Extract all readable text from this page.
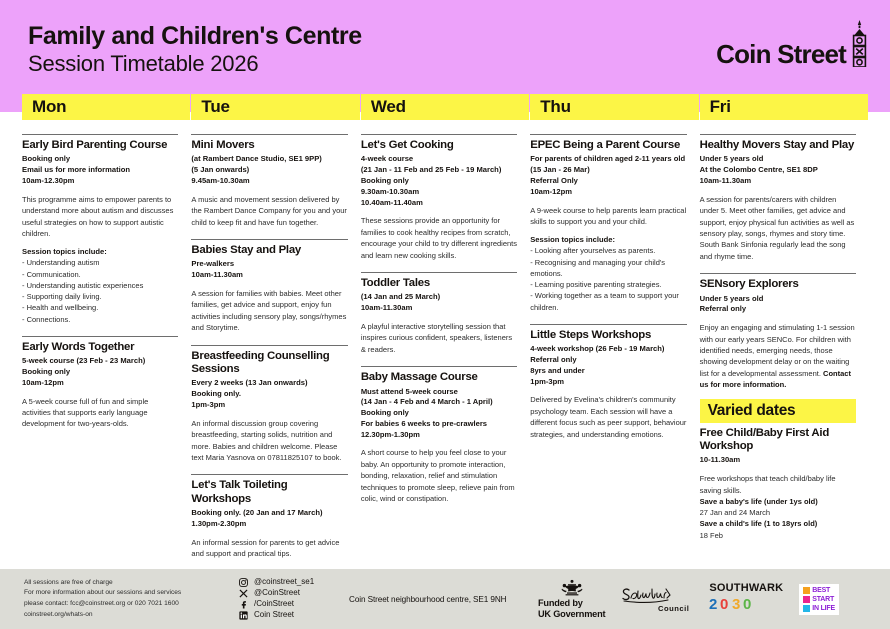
Family and Children's Centre
Session Timetable 2026	Coin Street
Mon
Early Bird Parenting Course
Booking only
Email us for more information
10am-12.30pm
This programme aims to empower parents to understand more about autism and discusses useful strategies on how to support autistic children.
Session topics include:
- Understanding autism
- Communication.
- Understanding autistic experiences
- Supporting daily living.
- Health and wellbeing.
- Connections.
Early Words Together
5-week course (23 Feb - 23 March)
Booking only
10am-12pm
A 5-week course full of fun and simple activities that supports early language development for two-years-olds.
Tue
Mini Movers
(at Rambert Dance Studio, SE1 9PP)
(5 Jan onwards)
9.45am-10.30am
A music and movement session delivered by the Rambert Dance Company for you and your child to keep fit and have fun together.
Babies Stay and Play
Pre-walkers
10am-11.30am
A session for families with babies. Meet other families, get advice and support, enjoy fun activities including sensory play, songs/rhymes and Storytime.
Breastfeeding Counselling Sessions
Every 2 weeks (13 Jan onwards)
Booking only.
1pm-3pm
An informal discussion group covering breastfeeding, starting solids, nutrition and more. Babies and children welcome. Please text Maria Yasnova on 07811825107 to book.
Let's Talk Toileting Workshops
Booking only. (20 Jan and 17 March)
1.30pm-2.30pm
An informal session for parents to get advice and support and practical tips.
Wed
Let's Get Cooking
4-week course
(21 Jan - 11 Feb and 25 Feb - 19 March)
Booking only
9.30am-10.30am
10.40am-11.40am
These sessions provide an opportunity for families to cook healthy recipes from scratch, encourage your child to try different ingredients and learn new cooking skills.
Toddler Tales
(14 Jan and 25 March)
10am-11.30am
A playful interactive storytelling session that inspires curious confident, speakers, listeners & readers.
Baby Massage Course
Must attend 5-week course
(14 Jan - 4 Feb and 4 March - 1 April)
Booking only
For babies 6 weeks to pre-crawlers
12.30pm-1.30pm
A short course to help you feel close to your baby. An opportunity to promote interaction, bonding, relaxation, relief and stimulation techniques to promote sleep, relieve pain from colic, wind or constipation.
Thu
EPEC Being a Parent Course
For parents of children aged 2-11 years old
(15 Jan - 26 Mar)
Referral Only
10am-12pm
A 9-week course to help parents learn practical skills to support you and your child.
Session topics include:
- Looking after yourselves as parents.
- Recognising and managing your child's emotions.
- Learning positive parenting strategies.
- Working together as a team to support your children.
Little Steps Workshops
4-week workshop (26 Feb - 19 March)
Referral only
8yrs and under
1pm-3pm
Delivered by Evelina's children's community psychology team. Each session will have a different focus such as peer support, behaviour strategies, and understanding emotions.
Fri
Healthy Movers Stay and Play
Under 5 years old
At the Colombo Centre, SE1 8DP
10am-11.30am
A session for parents/carers with children under 5. Meet other families, get advice and support, enjoy physical fun activities as well as sensory play, songs, rhymes and story time. South Bank Sinfonia regularly lead the song and rhyme time.
SENsory Explorers
Under 5 years old
Referral only
Enjoy an engaging and stimulating 1-1 session with our early years SENCo. For children with identified needs, emerging needs, those showing development delay or on the waiting list for a developmental assessment. Contact us for more information.
Varied dates
Free Child/Baby First Aid Workshop
10-11.30am
Free workshops that teach child/baby life saving skills.
Save a baby's life (under 1ys old)
27 Jan and 24 March
Save a child's life (1 to 18yrs old)
18 Feb
All sessions are free of charge
For more information about our sessions and services
please contact: fcc@coinstreet.org or 020 7021 1600
coinstreet.org/whats-on
@coinstreet_se1
@CoinStreet
/CoinStreet
Coin Street
Coin Street neighbourhood centre, SE1 9NH	Funded by
UK Government	Council
SOUTHWARK
2 0 3 0
BEST
START
IN LIFE
